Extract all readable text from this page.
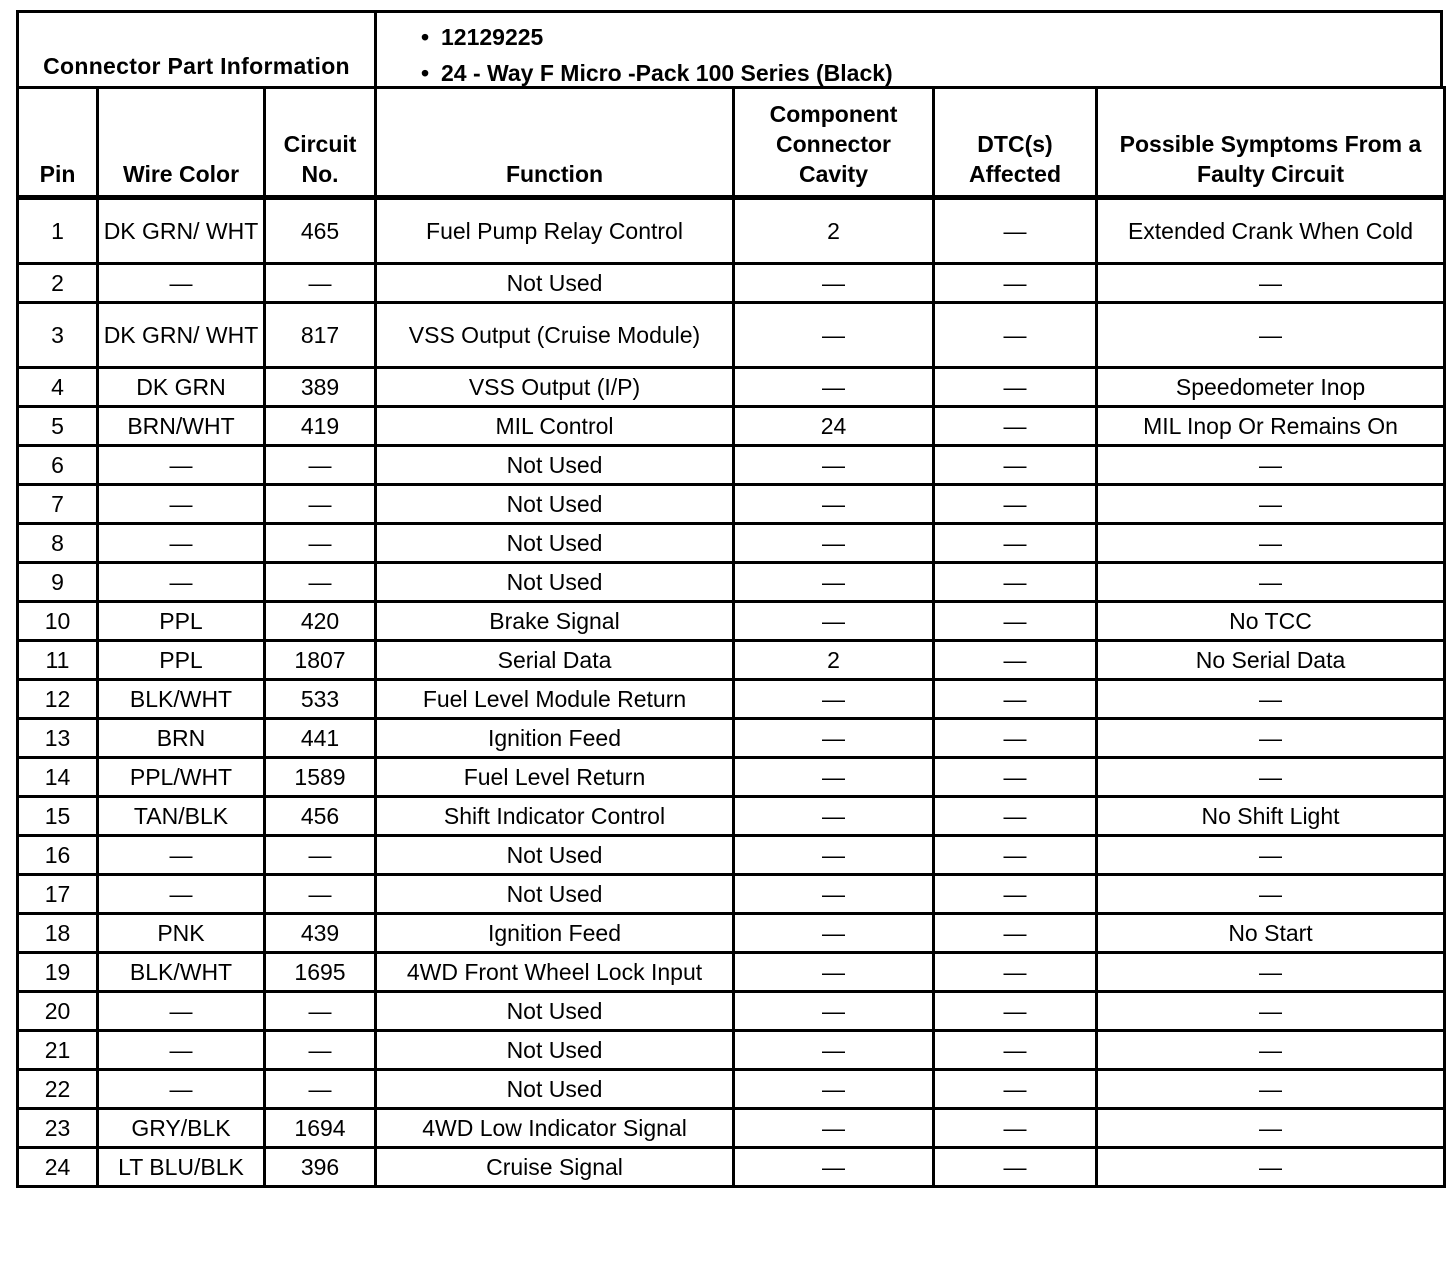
Connector Part Information
• 12129225
• 24 - Way F Micro -Pack 100 Series (Black)
Pin	Wire Color	Circuit No.	Function	Component Connector Cavity	DTC(s) Affected	Possible Symptoms From a Faulty Circuit
1	DK GRN/ WHT	465	Fuel Pump Relay Control	2	—	Extended Crank When Cold
2	—	—	Not Used	—	—	—
3	DK GRN/ WHT	817	VSS Output (Cruise Module)	—	—	—
4	DK GRN	389	VSS Output (I/P)	—	—	Speedometer Inop
5	BRN/WHT	419	MIL Control	24	—	MIL Inop Or Remains On
6	—	—	Not Used	—	—	—
7	—	—	Not Used	—	—	—
8	—	—	Not Used	—	—	—
9	—	—	Not Used	—	—	—
10	PPL	420	Brake Signal	—	—	No TCC
11	PPL	1807	Serial Data	2	—	No Serial Data
12	BLK/WHT	533	Fuel Level Module Return	—	—	—
13	BRN	441	Ignition Feed	—	—	—
14	PPL/WHT	1589	Fuel Level Return	—	—	—
15	TAN/BLK	456	Shift Indicator Control	—	—	No Shift Light
16	—	—	Not Used	—	—	—
17	—	—	Not Used	—	—	—
18	PNK	439	Ignition Feed	—	—	No Start
19	BLK/WHT	1695	4WD Front Wheel Lock Input	—	—	—
20	—	—	Not Used	—	—	—
21	—	—	Not Used	—	—	—
22	—	—	Not Used	—	—	—
23	GRY/BLK	1694	4WD Low Indicator Signal	—	—	—
24	LT BLU/BLK	396	Cruise Signal	—	—	—
